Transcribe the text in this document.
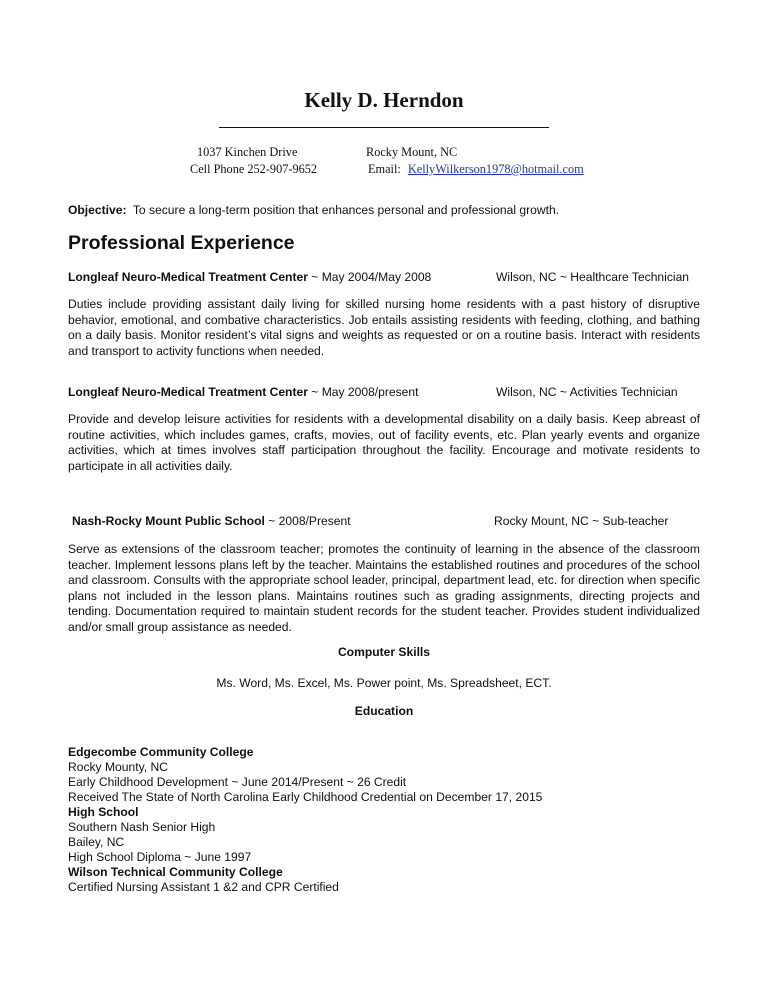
Kelly D. Herndon
1037 Kinchen Drive	Rocky Mount, NC
Cell Phone 252-907-9652	Email: KellyWilkerson1978@hotmail.com
Objective: To secure a long-term position that enhances personal and professional growth.
Professional Experience
Longleaf Neuro-Medical Treatment Center ~ May 2004/May 2008	Wilson, NC ~ Healthcare Technician
Duties include providing assistant daily living for skilled nursing home residents with a past history of disruptive behavior, emotional, and combative characteristics. Job entails assisting residents with feeding, clothing, and bathing on a daily basis. Monitor resident’s vital signs and weights as requested or on a routine basis. Interact with residents and transport to activity functions when needed.
Longleaf Neuro-Medical Treatment Center ~ May 2008/present	Wilson, NC ~ Activities Technician
Provide and develop leisure activities for residents with a developmental disability on a daily basis. Keep abreast of routine activities, which includes games, crafts, movies, out of facility events, etc. Plan yearly events and organize activities, which at times involves staff participation throughout the facility. Encourage and motivate residents to participate in all activities daily.
Nash-Rocky Mount Public School ~ 2008/Present	Rocky Mount, NC ~ Sub-teacher
Serve as extensions of the classroom teacher; promotes the continuity of learning in the absence of the classroom teacher. Implement lessons plans left by the teacher. Maintains the established routines and procedures of the school and classroom. Consults with the appropriate school leader, principal, department lead, etc. for direction when specific plans not included in the lesson plans. Maintains routines such as grading assignments, directing projects and tending. Documentation required to maintain student records for the student teacher. Provides student individualized and/or small group assistance as needed.
Computer Skills
Ms. Word, Ms. Excel, Ms. Power point, Ms. Spreadsheet, ECT.
Education
Edgecombe Community College
Rocky Mounty, NC
Early Childhood Development ~ June 2014/Present ~ 26 Credit
Received The State of North Carolina Early Childhood Credential on December 17, 2015
High School
Southern Nash Senior High
Bailey, NC
High School Diploma ~ June 1997
Wilson Technical Community College
Certified Nursing Assistant 1 &2 and CPR Certified
